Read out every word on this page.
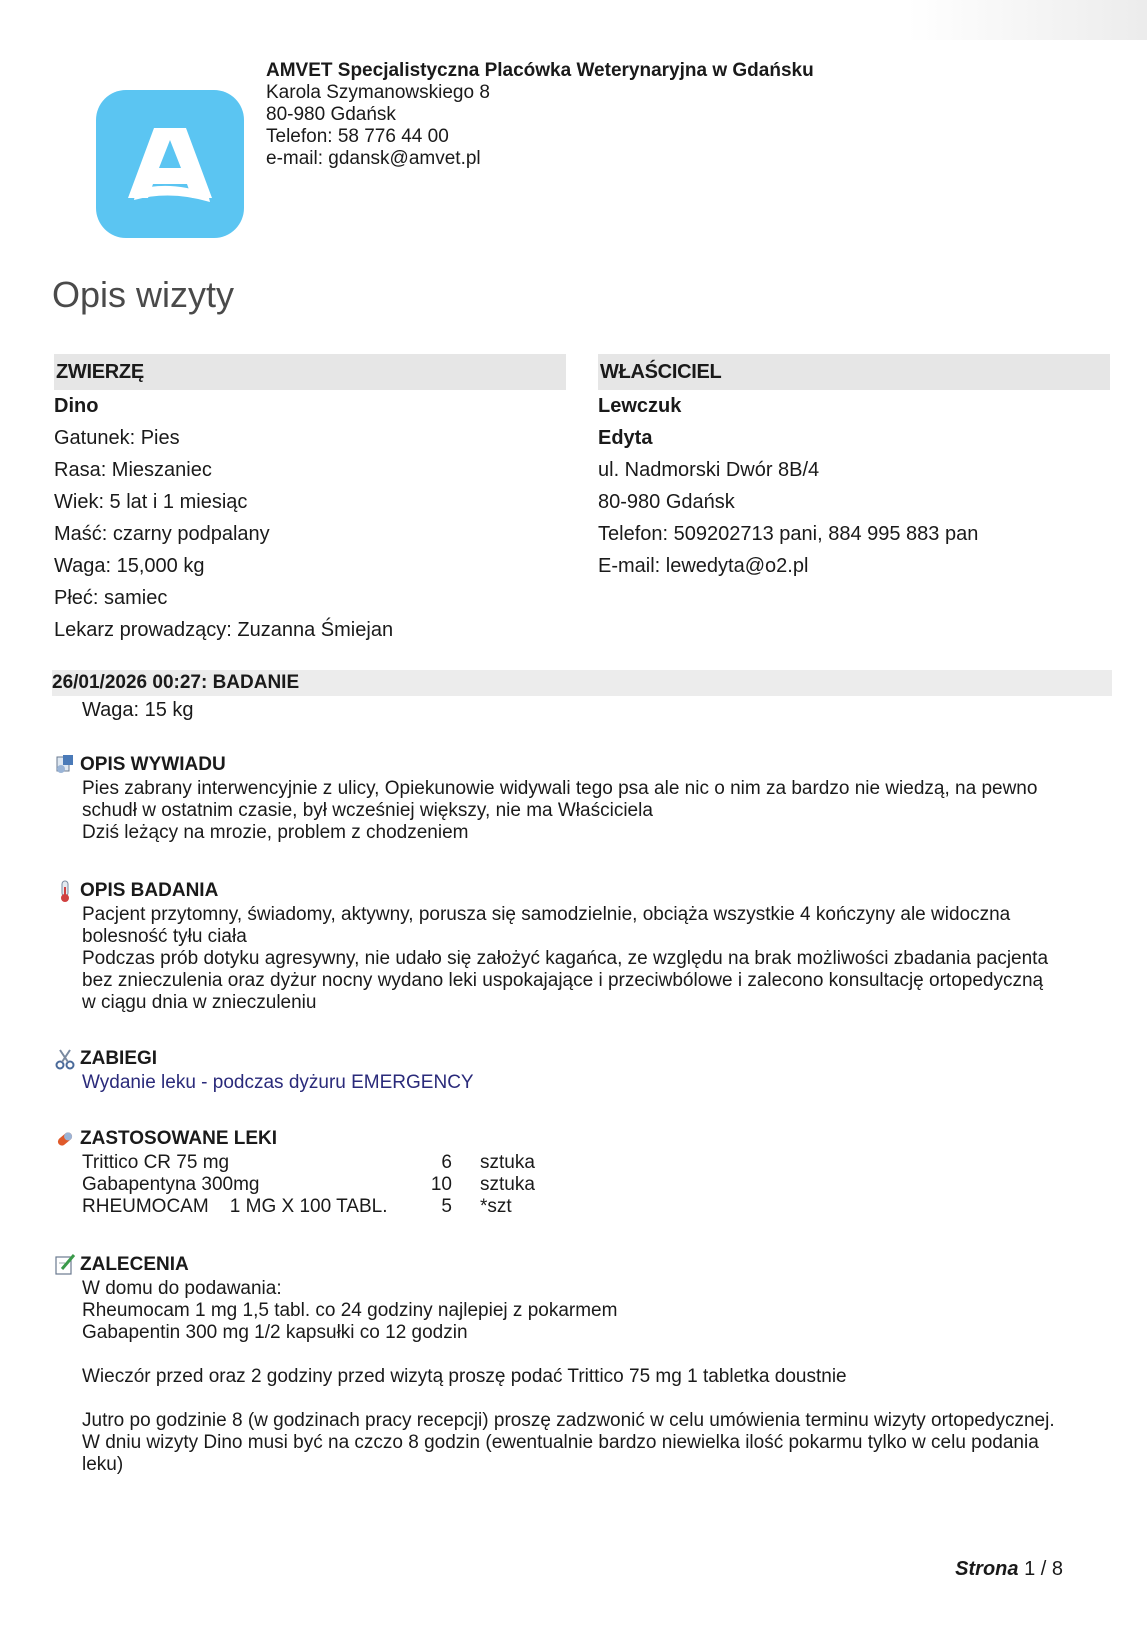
AMVET Specjalistyczna Placówka Weterynaryjna w Gdańsku
Karola Szymanowskiego 8
80-980 Gdańsk
Telefon: 58 776 44 00
e-mail: gdansk@amvet.pl
Opis wizyty
ZWIERZĘ
Dino
Gatunek: Pies
Rasa: Mieszaniec
Wiek: 5 lat i 1 miesiąc
Maść: czarny podpalany
Waga: 15,000 kg
Płeć: samiec
Lekarz prowadzący: Zuzanna Śmiejan
WŁAŚCICIEL
Lewczuk
Edyta
ul. Nadmorski Dwór 8B/4
80-980 Gdańsk
Telefon: 509202713 pani, 884 995 883 pan
E-mail: lewedyta@o2.pl
26/01/2026 00:27: BADANIE
Waga: 15 kg
OPIS WYWIADU
Pies zabrany interwencyjnie z ulicy, Opiekunowie widywali tego psa ale nic o nim za bardzo nie wiedzą, na pewno
schudł w ostatnim czasie, był wcześniej większy, nie ma Właściciela
Dziś leżący na mrozie, problem z chodzeniem
OPIS BADANIA
Pacjent przytomny, świadomy, aktywny, porusza się samodzielnie, obciąża wszystkie 4 kończyny ale widoczna
bolesność tyłu ciała
Podczas prób dotyku agresywny, nie udało się założyć kagańca, ze względu na brak możliwości zbadania pacjenta
bez znieczulenia oraz dyżur nocny wydano leki uspokajające i przeciwbólowe i zalecono konsultację ortopedyczną
w ciągu dnia w znieczuleniu
ZABIEGI
Wydanie leku - podczas dyżuru EMERGENCY
ZASTOSOWANE LEKI
Trittico CR 75 mg	6	sztuka
Gabapentyna 300mg	10	sztuka
RHEUMOCAM    1 MG X 100 TABL.	5	*szt
ZALECENIA
W domu do podawania:
Rheumocam 1 mg 1,5 tabl. co 24 godziny najlepiej z pokarmem
Gabapentin 300 mg 1/2 kapsułki co 12 godzin
Wieczór przed oraz 2 godziny przed wizytą proszę podać Trittico 75 mg 1 tabletka doustnie
Jutro po godzinie 8 (w godzinach pracy recepcji) proszę zadzwonić w celu umówienia terminu wizyty ortopedycznej.
W dniu wizyty Dino musi być na czczo 8 godzin (ewentualnie bardzo niewielka ilość pokarmu tylko w celu podania
leku)
Strona 1 / 8
